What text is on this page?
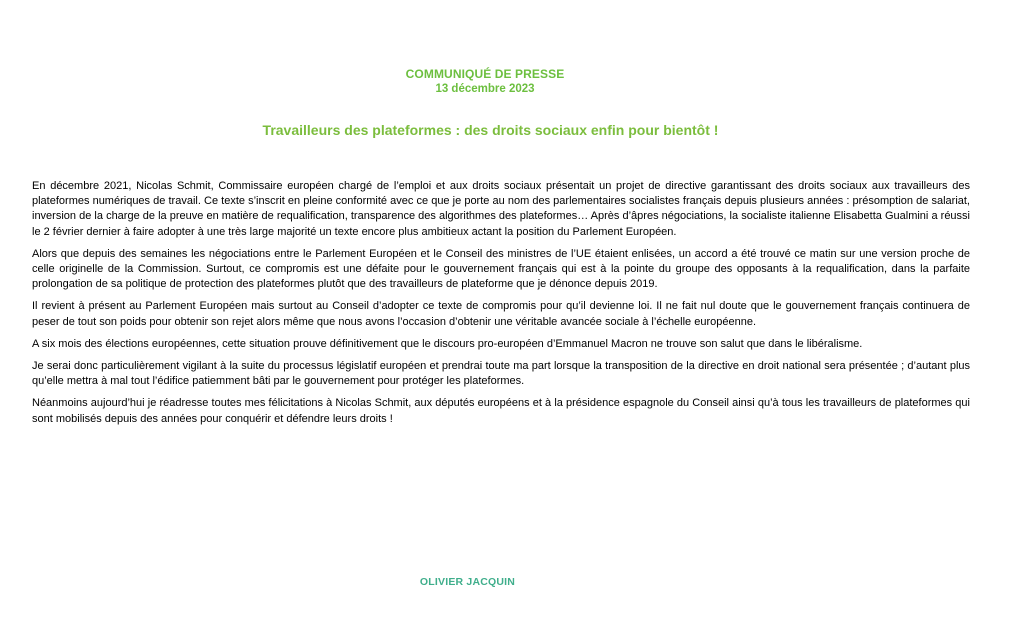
COMMUNIQUÉ DE PRESSE
13 décembre 2023
Travailleurs des plateformes : des droits sociaux enfin pour bientôt !

En décembre 2021, Nicolas Schmit, Commissaire européen chargé de l’emploi et aux droits sociaux présentait un projet de directive garantissant des droits sociaux aux travailleurs des plateformes numériques de travail. Ce texte s’inscrit en pleine conformité avec ce que je porte au nom des parlementaires socialistes français depuis plusieurs années : présomption de salariat, inversion de la charge de la preuve en matière de requalification, transparence des algorithmes des plateformes… Après d’âpres négociations, la socialiste italienne Elisabetta Gualmini a réussi le 2 février dernier à faire adopter à une très large majorité un texte encore plus ambitieux actant la position du Parlement Européen.

Alors que depuis des semaines les négociations entre le Parlement Européen et le Conseil des ministres de l’UE étaient enlisées, un accord a été trouvé ce matin sur une version proche de celle originelle de la Commission. Surtout, ce compromis est une défaite pour le gouvernement français qui est à la pointe du groupe des opposants à la requalification, dans la parfaite prolongation de sa politique de protection des plateformes plutôt que des travailleurs de plateforme que je dénonce depuis 2019.

Il revient à présent au Parlement Européen mais surtout au Conseil d’adopter ce texte de compromis pour qu’il devienne loi. Il ne fait nul doute que le gouvernement français continuera de peser de tout son poids pour obtenir son rejet alors même que nous avons l’occasion d’obtenir une véritable avancée sociale à l’échelle européenne.

A six mois des élections européennes, cette situation prouve définitivement que le discours pro-européen d’Emmanuel Macron ne trouve son salut que dans le libéralisme.

Je serai donc particulièrement vigilant à la suite du processus législatif européen et prendrai toute ma part lorsque la transposition de la directive en droit national sera présentée ; d’autant plus qu’elle mettra à mal tout l’édifice patiemment bâti par le gouvernement pour protéger les plateformes.

Néanmoins aujourd’hui je réadresse toutes mes félicitations à Nicolas Schmit, aux députés européens et à la présidence espagnole du Conseil ainsi qu’à tous les travailleurs de plateformes qui sont mobilisés depuis des années pour conquérir et défendre leurs droits !

OLIVIER JACQUIN
